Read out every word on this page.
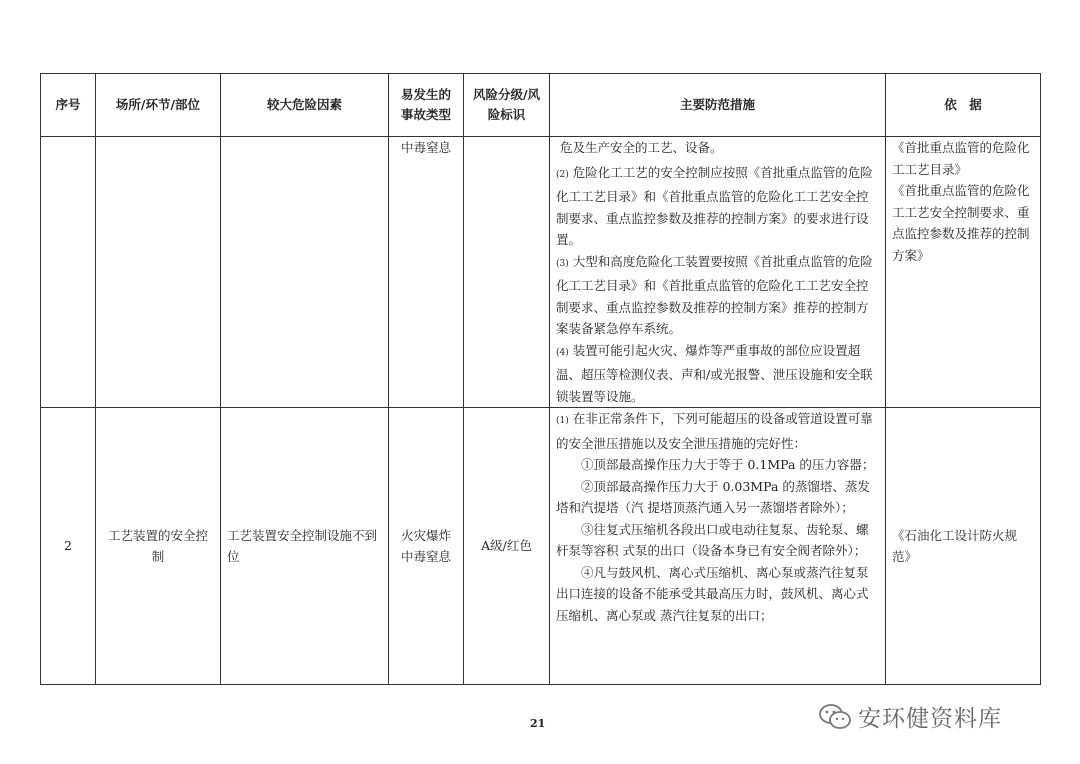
序号	场所/环节/部位	较大危险因素	易发生的事故类型	风险分级/风险标识	主要防范措施	依　据
			中毒窒息		危及生产安全的工艺、设备。
(2) 危险化工工艺的安全控制应按照《首批重点监管的危险化工工艺目录》和《首批重点监管的危险化工工艺安全控制要求、重点监控参数及推荐的控制方案》的要求进行设置。
(3) 大型和高度危险化工装置要按照《首批重点监管的危险化工工艺目录》和《首批重点监管的危险化工工艺安全控制要求、重点监控参数及推荐的控制方案》推荐的控制方案装备紧急停车系统。
(4) 装置可能引起火灾、爆炸等严重事故的部位应设置超温、超压等检测仪表、声和/或光报警、泄压设施和安全联锁装置等设施。	《首批重点监管的危险化工工艺目录》
《首批重点监管的危险化工工艺安全控制要求、重点监控参数及推荐的控制方案》

2	工艺装置的安全控制	工艺装置安全控制设施不到位	火灾爆炸中毒窒息	A级/红色	(1) 在非正常条件下，下列可能超压的设备或管道设置可靠的安全泄压措施以及安全泄压措施的完好性：
①顶部最高操作压力大于等于 0.1MPa 的压力容器；
②顶部最高操作压力大于 0.03MPa 的蒸馏塔、蒸发塔和汽提塔（汽 提塔顶蒸汽通入另一蒸馏塔者除外）；
③往复式压缩机各段出口或电动往复泵、齿轮泵、螺杆泵等容积 式泵的出口（设备本身已有安全阀者除外）；
④凡与鼓风机、离心式压缩机、离心泵或蒸汽往复泵出口连接的设备不能承受其最高压力时，鼓风机、离心式压缩机、离心泵或 蒸汽往复泵的出口；	《石油化工设计防火规范》
21	安环健资料库
